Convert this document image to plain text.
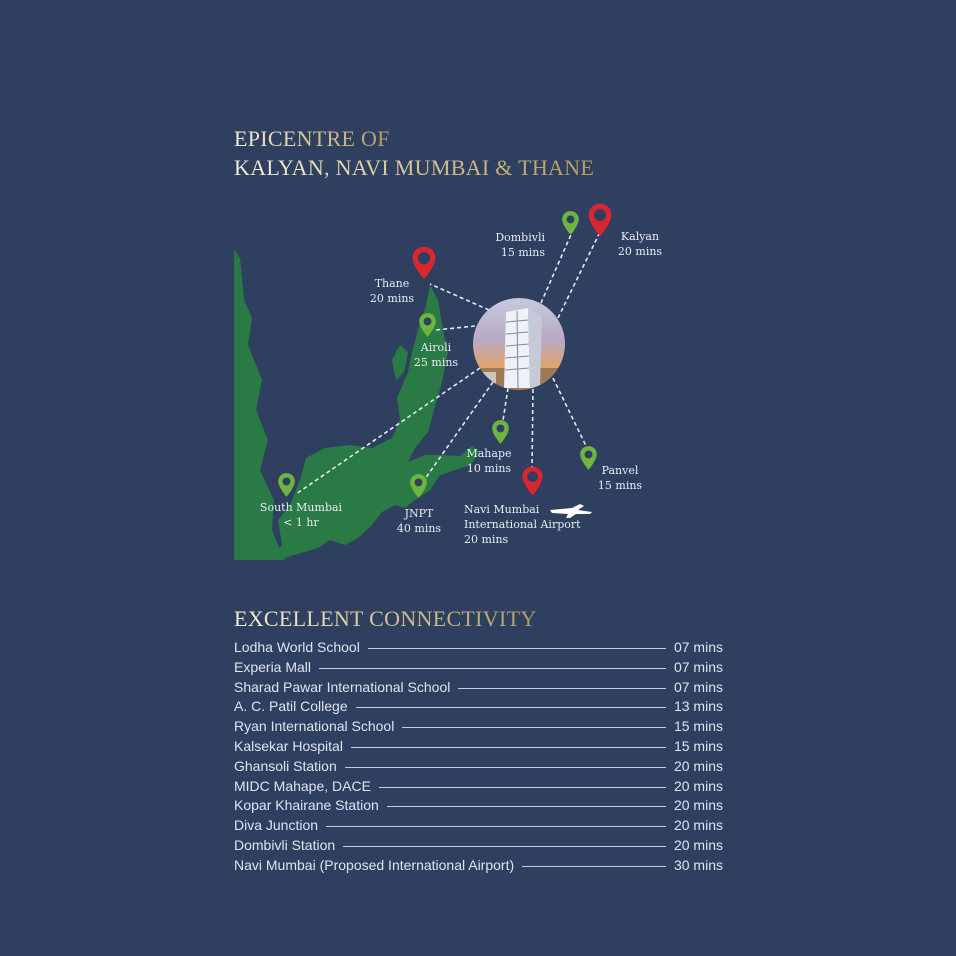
EPICENTRE OF
KALYAN, NAVI MUMBAI & THANE
Dombivli
15 mins
Kalyan
20 mins
Thane
20 mins
Airoli
25 mins
Mahape
10 mins	Panvel
15 mins
South Mumbai
< 1 hr
JNPT
40 mins
Navi Mumbai
International Airport
20 mins
EXCELLENT CONNECTIVITY
Lodha World School	07 mins
Experia Mall	07 mins
Sharad Pawar International School	07 mins
A. C. Patil College	13 mins
Ryan International School	15 mins
Kalsekar Hospital	15 mins
Ghansoli Station	20 mins
MIDC Mahape, DACE	20 mins
Kopar Khairane Station	20 mins
Diva Junction	20 mins
Dombivli Station	20 mins
Navi Mumbai (Proposed International Airport)	30 mins
